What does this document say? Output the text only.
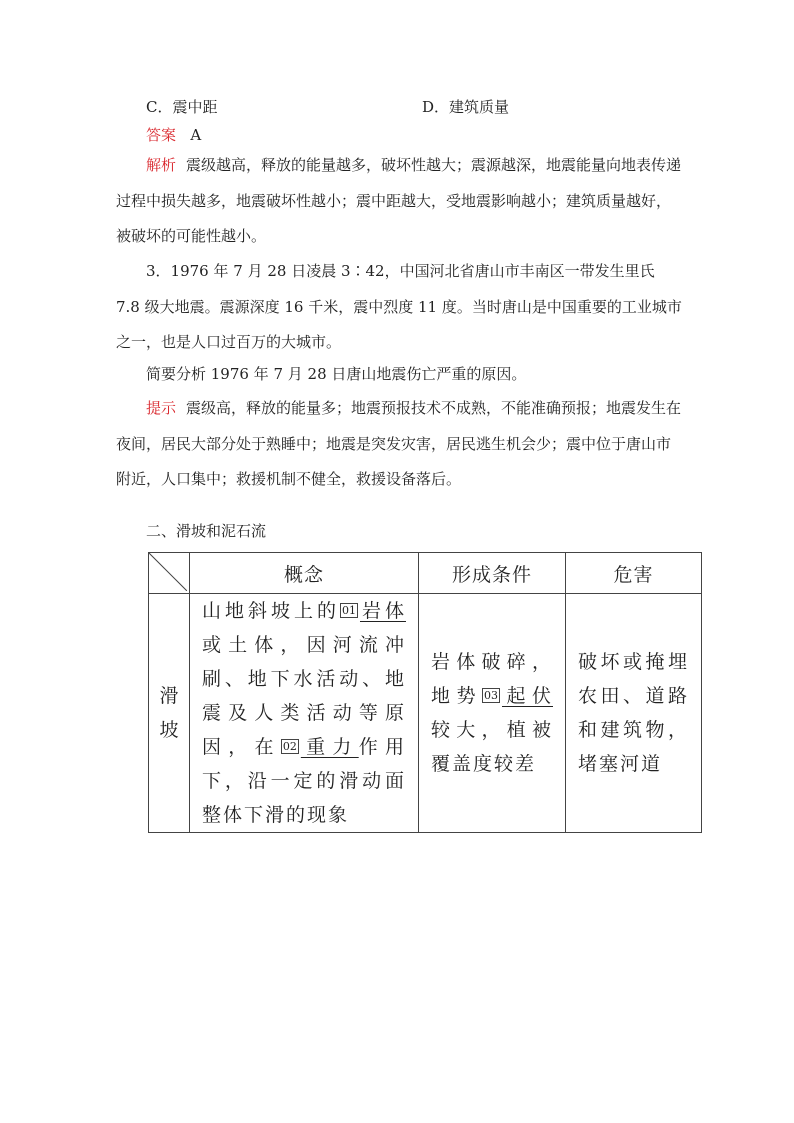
C．震中距	D．建筑质量
答案 A
解析 震级越高，释放的能量越多，破坏性越大；震源越深，地震能量向地表传递过程中损失越多，地震破坏性越小；震中距越大，受地震影响越小；建筑质量越好，被破坏的可能性越小。
3．1976 年 7 月 28 日凌晨 3∶42，中国河北省唐山市丰南区一带发生里氏 7.8 级大地震。震源深度 16 千米，震中烈度 11 度。当时唐山是中国重要的工业城市之一，也是人口过百万的大城市。
简要分析 1976 年 7 月 28 日唐山地震伤亡严重的原因。
提示 震级高，释放的能量多；地震预报技术不成熟，不能准确预报；地震发生在夜间，居民大部分处于熟睡中；地震是突发灾害，居民逃生机会少；震中位于唐山市附近，人口集中；救援机制不健全，救援设备落后。
二、滑坡和泥石流
	概念	形成条件	危害

滑坡	山地斜坡上的 01 岩体或土体，因河流冲刷、地下水活动、地震及人类活动等原因，在 02 重力作用下，沿一定的滑动面整体下滑的现象	岩体破碎，地势 03 起伏较大，植被覆盖度较差	破坏或掩埋农田、道路和建筑物，堵塞河道
